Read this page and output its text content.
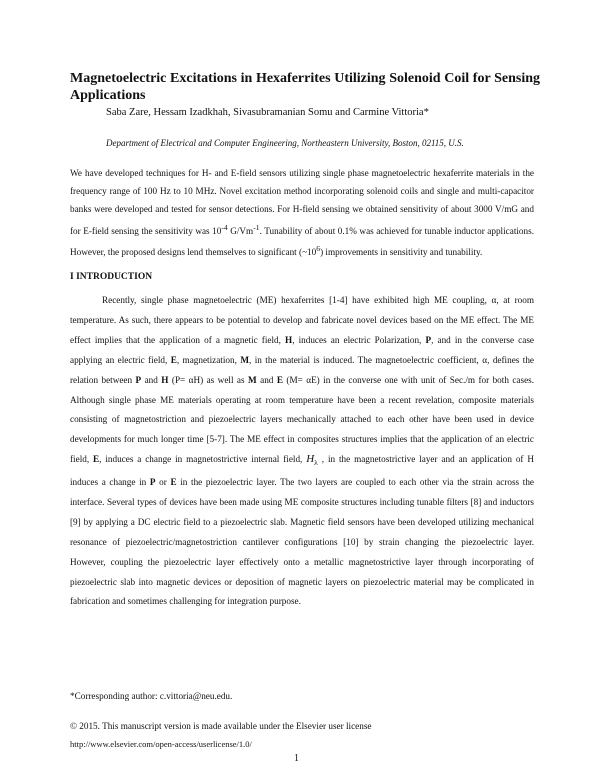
Magnetoelectric Excitations in Hexaferrites Utilizing Solenoid Coil for Sensing Applications
Saba Zare, Hessam Izadkhah, Sivasubramanian Somu and Carmine Vittoria*
Department of Electrical and Computer Engineering, Northeastern University, Boston, 02115, U.S.
We have developed techniques for H- and E-field sensors utilizing single phase magnetoelectric hexaferrite materials in the frequency range of 100 Hz to 10 MHz. Novel excitation method incorporating solenoid coils and single and multi-capacitor banks were developed and tested for sensor detections. For H-field sensing we obtained sensitivity of about 3000 V/mG and for E-field sensing the sensitivity was $10^{-4}$ $G/Vm^{-1}$. Tunability of about 0.1% was achieved for tunable inductor applications. However, the proposed designs lend themselves to significant $(\sim 10^6)$ improvements in sensitivity and tunability.
I INTRODUCTION

Recently, single phase magnetoelectric (ME) hexaferrites [1-4] have exhibited high ME coupling, α, at room temperature. As such, there appears to be potential to develop and fabricate novel devices based on the ME effect. The ME effect implies that the application of a magnetic field, H, induces an electric Polarization, P, and in the converse case applying an electric field, E, magnetization, M, in the material is induced. The magnetoelectric coefficient, α, defines the relation between P and H (P= αH) as well as M and E (M= αE) in the converse one with unit of Sec./m for both cases. Although single phase ME materials operating at room temperature have been a recent revelation, composite materials consisting of magnetostriction and piezoelectric layers mechanically attached to each other have been used in device developments for much longer time [5-7]. The ME effect in composites structures implies that the application of an electric field, E, induces a change in magnetostrictive internal field, $H_\lambda$ , in the magnetostrictive layer and an application of H induces a change in P or E in the piezoelectric layer. The two layers are coupled to each other via the strain across the interface. Several types of devices have been made using ME composite structures including tunable filters [8] and inductors [9] by applying a DC electric field to a piezoelectric slab. Magnetic field sensors have been developed utilizing mechanical resonance of piezoelectric/magnetostriction cantilever configurations [10] by strain changing the piezoelectric layer. However, coupling the piezoelectric layer effectively onto a metallic magnetostrictive layer through incorporating of piezoelectric slab into magnetic devices or deposition of magnetic layers on piezoelectric material may be complicated in fabrication and sometimes challenging for integration purpose.

*Corresponding author: c.vittoria@neu.edu.
© 2015. This manuscript version is made available under the Elsevier user license
http://www.elsevier.com/open-access/userlicense/1.0/
1
